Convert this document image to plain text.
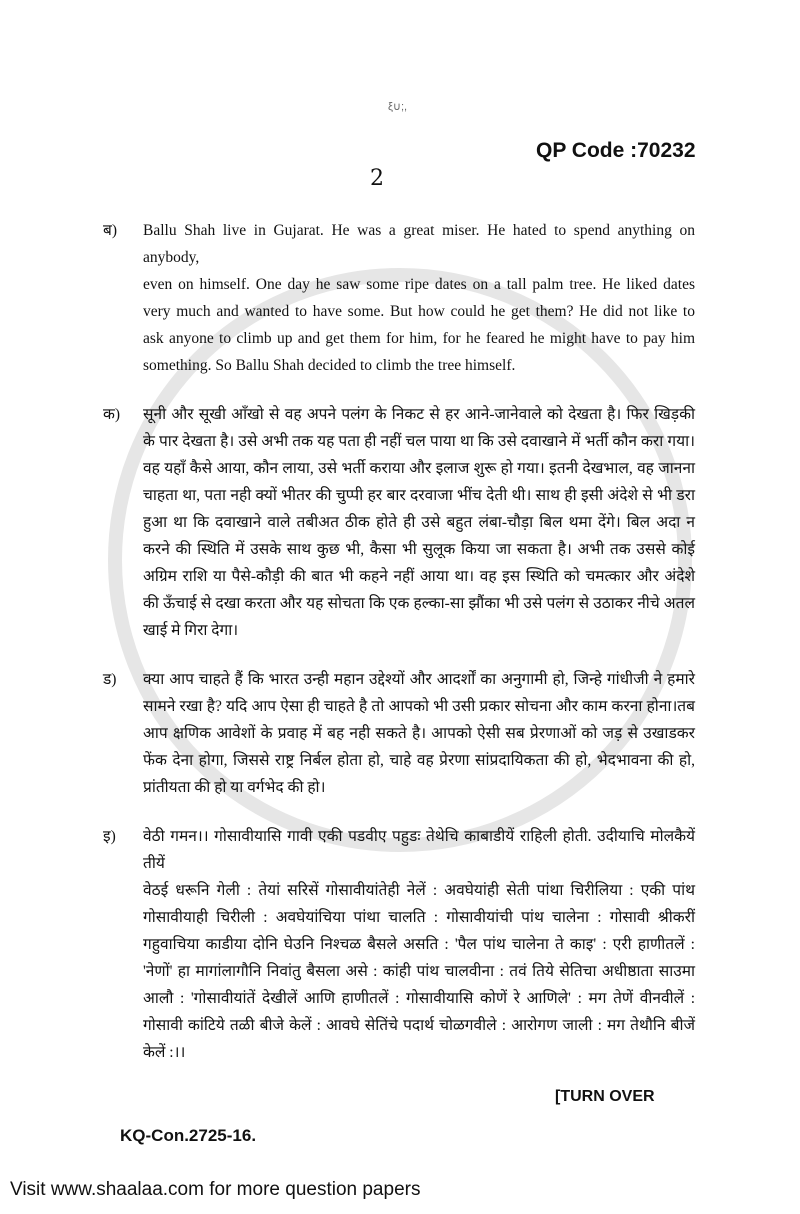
ξ∪;,
QP Code :70232
2
ब)	Ballu Shah live in Gujarat. He was a great miser. He hated to spend anything on anybody,
even on himself. One day he saw some ripe dates on a tall palm tree. He liked dates
very much and wanted to have some. But how could he get them? He did not like to
ask anyone to climb up and get them for him, for he feared he might have to pay him
something. So Ballu Shah decided to climb the tree himself.
क)	सूनी और सूखी आँखो से वह अपने पलंग के निकट से हर आने-जानेवाले को देखता है। फिर खिड़की
के पार देखता है। उसे अभी तक यह पता ही नहीं चल पाया था कि उसे दवाखाने में भर्ती कौन करा गया।
वह यहाँ कैसे आया, कौन लाया, उसे भर्ती कराया और इलाज शुरू हो गया। इतनी देखभाल, वह जानना
चाहता था, पता नही क्यों भीतर की चुप्पी हर बार दरवाजा भींच देती थी। साथ ही इसी अंदेशे से भी डरा
हुआ था कि दवाखाने वाले तबीअत ठीक होते ही उसे बहुत लंबा-चौड़ा बिल थमा देंगे। बिल अदा न
करने की स्थिति में उसके साथ कुछ भी, कैसा भी सुलूक किया जा सकता है। अभी तक उससे कोई
अग्रिम राशि या पैसे-कौड़ी की बात भी कहने नहीं आया था। वह इस स्थिति को चमत्कार और अंदेशे
की ऊँचाई से दखा करता और यह सोचता कि एक हल्का-सा झौंका भी उसे पलंग से उठाकर नीचे अतल
खाई मे गिरा देगा।
ड)	क्या आप चाहते हैं कि भारत उन्ही महान उद्देश्यों और आदर्शों का अनुगामी हो, जिन्हे गांधीजी ने हमारे
सामने रखा है? यदि आप ऐसा ही चाहते है तो आपको भी उसी प्रकार सोचना और काम करना होना।तब
आप क्षणिक आवेशों के प्रवाह में बह नही सकते है। आपको ऐसी सब प्रेरणाओं को जड़ से उखाडकर
फेंक देना होगा, जिससे राष्ट्र निर्बल होता हो, चाहे वह प्रेरणा सांप्रदायिकता की हो, भेदभावना की हो,
प्रांतीयता की हो या वर्गभेद की हो।
इ)	वेठी गमन।। गोसावीयासि गावी एकी पडवीए पहुडः तेथेचि काबाडीयें राहिली होती. उदीयाचि मोलकैयें तीयें
वेठई धरूनि गेली : तेयां सरिसें गोसावीयांतेही नेलें : अवघेयांही सेती पांथा चिरीलिया : एकी पांथ
गोसावीयाही चिरीली : अवघेयांचिया पांथा चालति : गोसावीयांची पांथ चालेना : गोसावी श्रीकरीं
गहुवाचिया काडीया दोनि घेउनि निश्चळ बैसले असति : 'पैल पांथ चालेना ते काइ' : एरी हाणीतलें :
'नेणों' हा मागांलागौनि निवांतु बैसला असे : कांही पांथ चालवीना : तवं तिये सेतिचा अधीष्ठाता साउमा
आलौ : 'गोसावीयांतें देखीलें आणि हाणीतलें : गोसावीयासि कोणें रे आणिले' : मग तेणें वीनवीलें :
गोसावी कांटिये तळी बीजे केलें : आवघे सेतिंचे पदार्थ चोळगवीले : आरोगण जाली : मग तेथौनि बीजें
केलें :।।
[TURN OVER
KQ-Con.2725-16.
Visit www.shaalaa.com for more question papers
